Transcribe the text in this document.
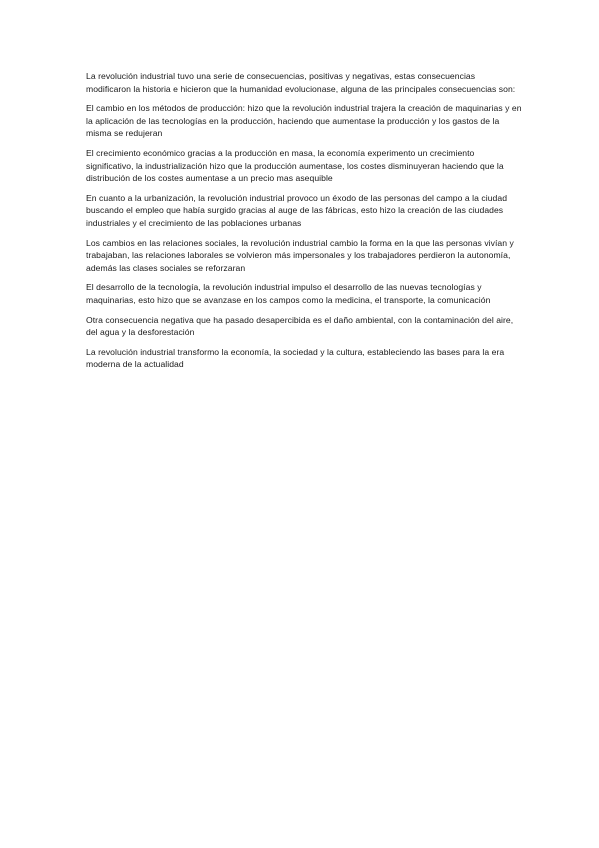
La revolución industrial tuvo una serie de consecuencias, positivas y negativas, estas consecuencias modificaron la historia e hicieron que la humanidad evolucionase, alguna de las principales consecuencias son:

El cambio en los métodos de producción: hizo que la revolución industrial trajera la creación de maquinarias y en la aplicación de las tecnologías en la producción, haciendo que aumentase la producción y los gastos de la misma se redujeran

El crecimiento económico gracias a la producción en masa, la economía experimento un crecimiento significativo, la industrialización hizo que la producción aumentase, los costes disminuyeran haciendo que la distribución de los costes aumentase a un precio mas asequible

En cuanto a la urbanización, la revolución industrial provoco un éxodo de las personas del campo a la ciudad buscando el empleo que había surgido gracias al auge de las fábricas, esto hizo la creación de las ciudades industriales y el crecimiento de las poblaciones urbanas

Los cambios en las relaciones sociales, la revolución industrial cambio la forma en la que las personas vivían y trabajaban, las relaciones laborales se volvieron más impersonales y los trabajadores perdieron la autonomía, además las clases sociales se reforzaran

El desarrollo de la tecnología, la revolución industrial impulso el desarrollo de las nuevas tecnologías y maquinarias, esto hizo que se avanzase en los campos como la medicina, el transporte, la comunicación

Otra consecuencia negativa que ha pasado desapercibida es el daño ambiental, con la contaminación del aire, del agua y la desforestación

La revolución industrial transformo la economía, la sociedad y la cultura, estableciendo las bases para la era moderna de la actualidad
